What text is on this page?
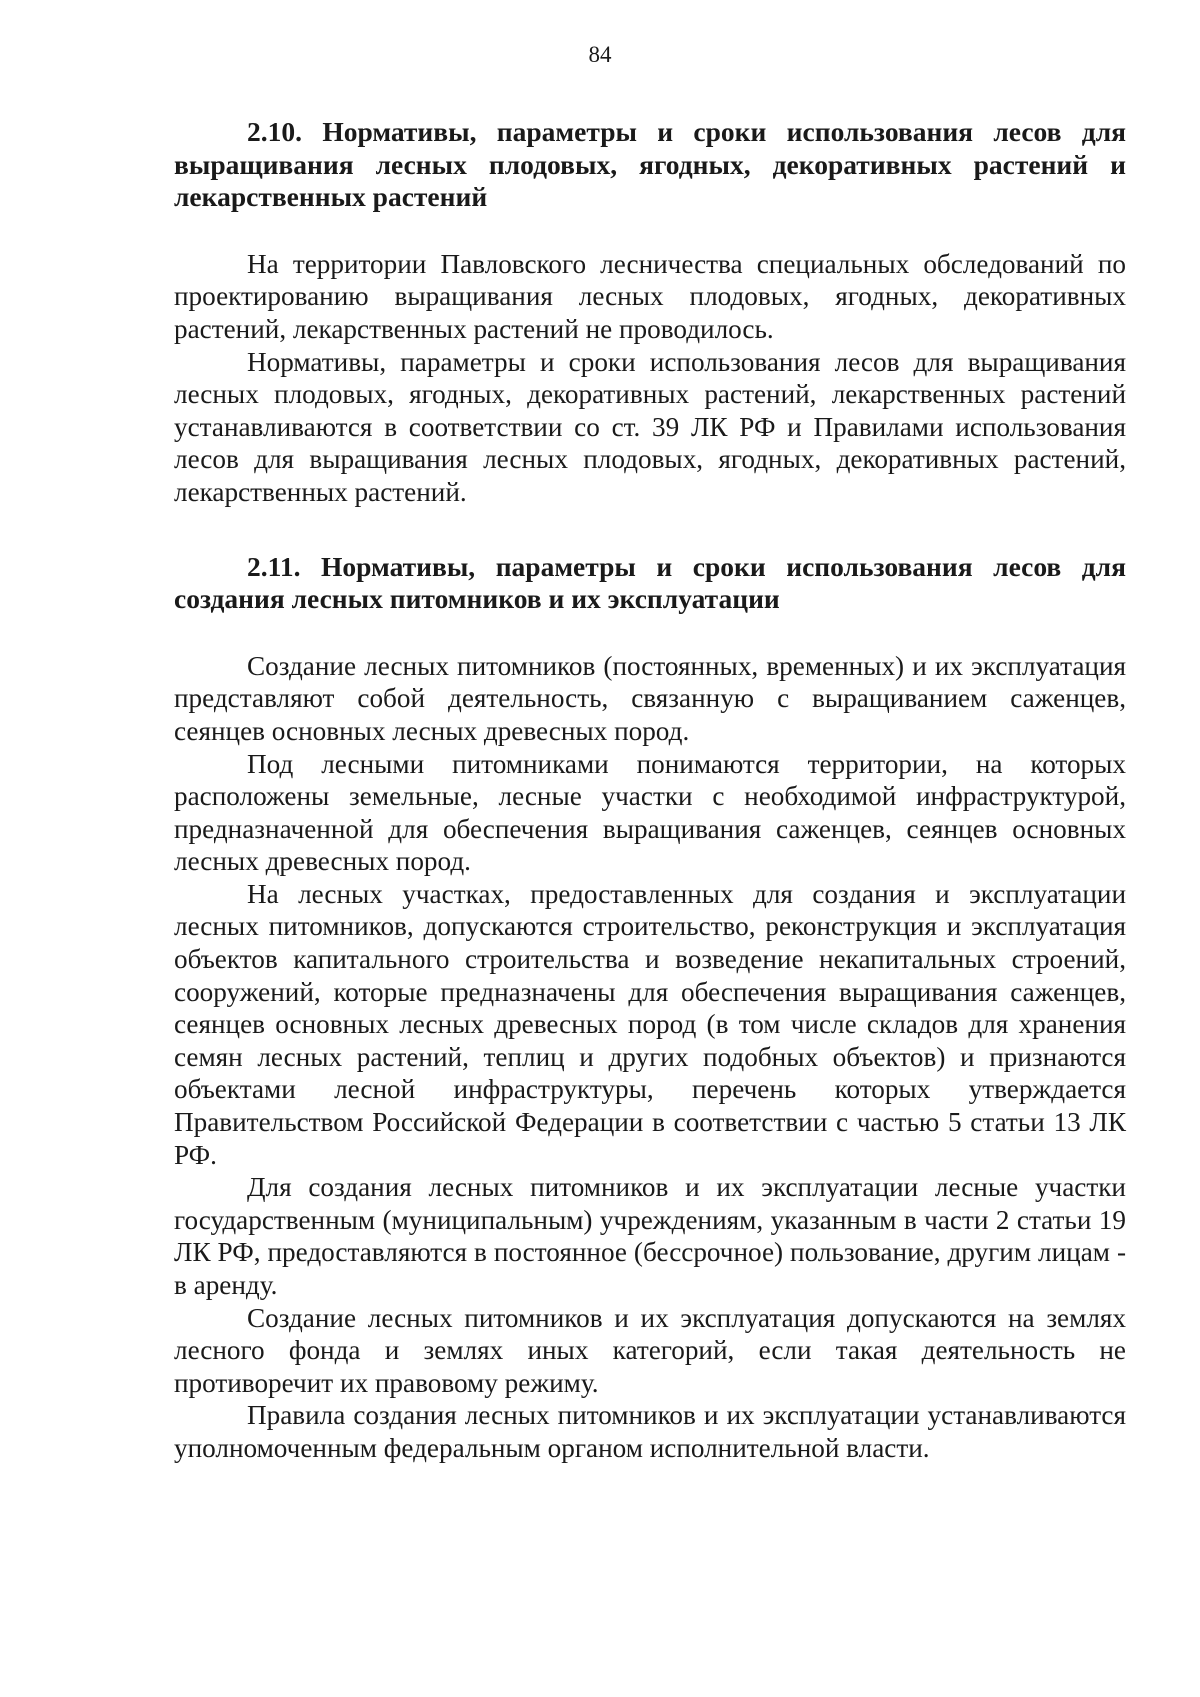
84
2.10. Нормативы, параметры и сроки использования лесов для выращивания лесных плодовых, ягодных, декоративных растений и лекарственных растений

На территории Павловского лесничества специальных обследований по проектированию выращивания лесных плодовых, ягодных, декоративных растений, лекарственных растений не проводилось.

Нормативы, параметры и сроки использования лесов для выращивания лесных плодовых, ягодных, декоративных растений, лекарственных растений устанавливаются в соответствии со ст. 39 ЛК РФ и Правилами использования лесов для выращивания лесных плодовых, ягодных, декоративных растений, лекарственных растений.

2.11. Нормативы, параметры и сроки использования лесов для создания лесных питомников и их эксплуатации

Создание лесных питомников (постоянных, временных) и их эксплуатация представляют собой деятельность, связанную с выращиванием саженцев, сеянцев основных лесных древесных пород.

Под лесными питомниками понимаются территории, на которых расположены земельные, лесные участки с необходимой инфраструктурой, предназначенной для обеспечения выращивания саженцев, сеянцев основных лесных древесных пород.

На лесных участках, предоставленных для создания и эксплуатации лесных питомников, допускаются строительство, реконструкция и эксплуатация объектов капитального строительства и возведение некапитальных строений, сооружений, которые предназначены для обеспечения выращивания саженцев, сеянцев основных лесных древесных пород (в том числе складов для хранения семян лесных растений, теплиц и других подобных объектов) и признаются объектами лесной инфраструктуры, перечень которых утверждается Правительством Российской Федерации в соответствии с частью 5 статьи 13 ЛК РФ.

Для создания лесных питомников и их эксплуатации лесные участки государственным (муниципальным) учреждениям, указанным в части 2 статьи 19 ЛК РФ, предоставляются в постоянное (бессрочное) пользование, другим лицам - в аренду.

Создание лесных питомников и их эксплуатация допускаются на землях лесного фонда и землях иных категорий, если такая деятельность не противоречит их правовому режиму.

Правила создания лесных питомников и их эксплуатации устанавливаются уполномоченным федеральным органом исполнительной власти.
